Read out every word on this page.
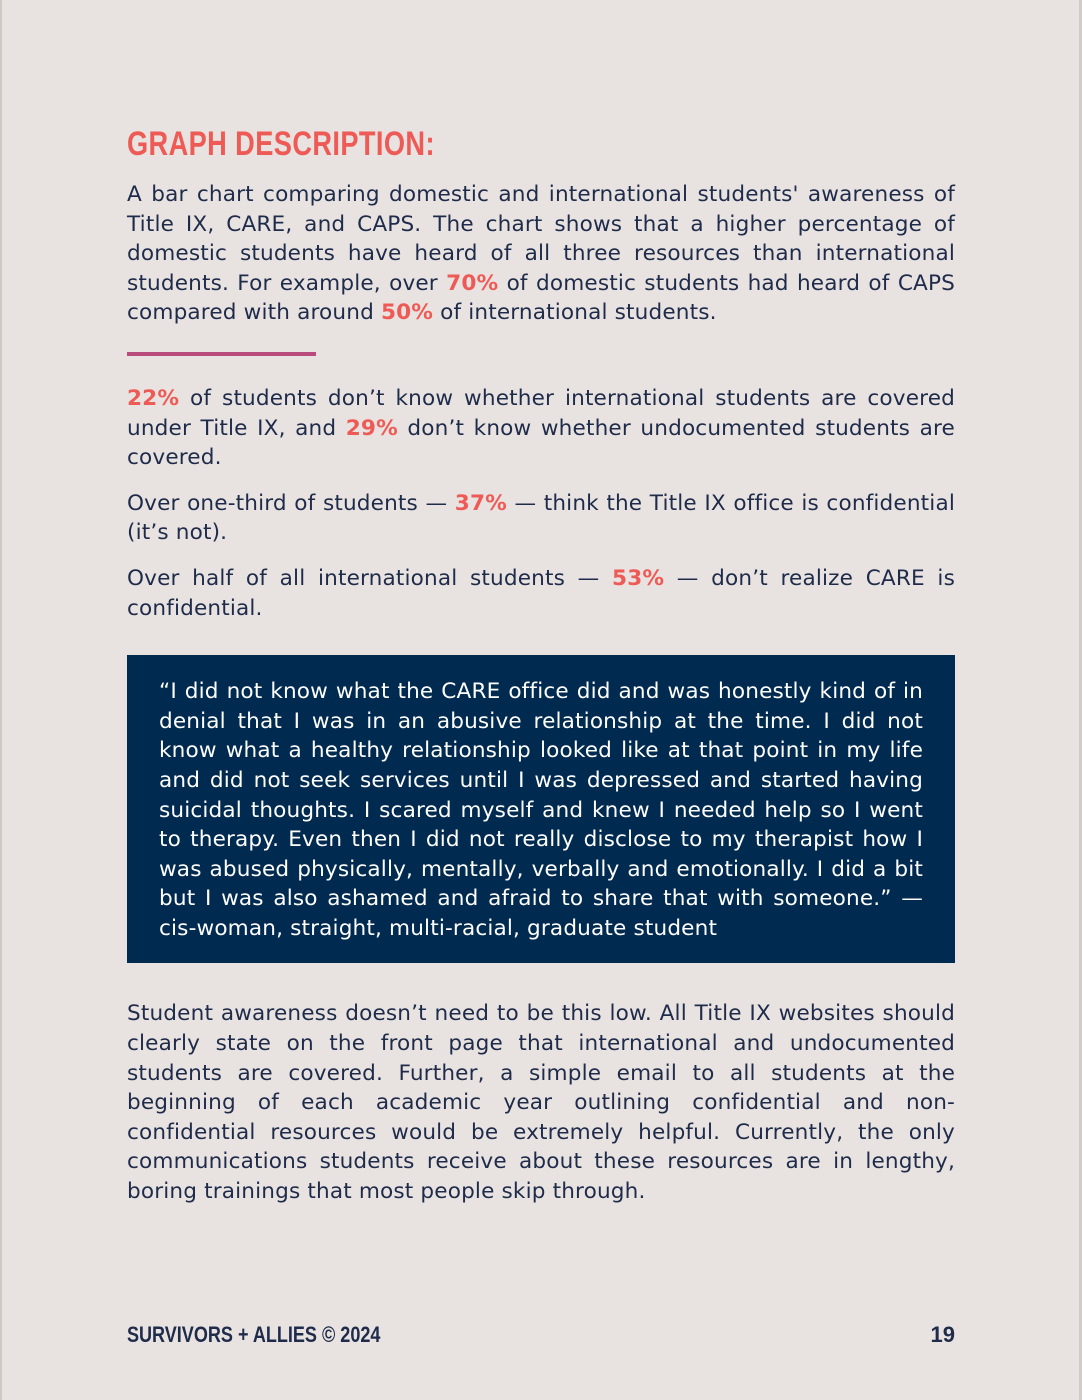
GRAPH DESCRIPTION:

A bar chart comparing domestic and international students' awareness of Title IX, CARE, and CAPS. The chart shows that a higher percentage of domestic students have heard of all three resources than international students. For example, over 70% of domestic students had heard of CAPS compared with around 50% of international students.

22% of students don’t know whether international students are covered under Title IX, and 29% don’t know whether undocumented students are covered.

Over one-third of students — 37% — think the Title IX office is confidential (it’s not).

Over half of all international students — 53% — don’t realize CARE is confidential.

“I did not know what the CARE office did and was honestly kind of in denial that I was in an abusive relationship at the time. I did not know what a healthy relationship looked like at that point in my life and did not seek services until I was depressed and started having suicidal thoughts. I scared myself and knew I needed help so I went to therapy. Even then I did not really disclose to my therapist how I was abused physically, mentally, verbally and emotionally. I did a bit but I was also ashamed and afraid to share that with someone.” — cis-woman, straight, multi-racial, graduate student

Student awareness doesn’t need to be this low. All Title IX websites should clearly state on the front page that international and undocumented students are covered. Further, a simple email to all students at the beginning of each academic year outlining confidential and non-confidential resources would be extremely helpful. Currently, the only communications students receive about these resources are in lengthy, boring trainings that most people skip through.

SURVIVORS + ALLIES © 2024	19
